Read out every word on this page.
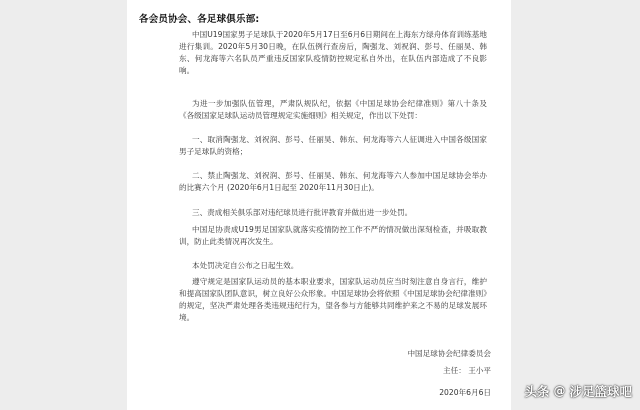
各会员协会、各足球俱乐部:

中国U19国家男子足球队于2020年5月17日至6月6日期间在上海东方绿舟体育训练基地进行集训。2020年5月30日晚，在队伍例行查房后，陶强龙、刘祝润、彭号、任丽昊、韩东、何龙海等六名队员严重违反国家队疫情防控规定私自外出，在队伍内部造成了不良影响。

为进一步加强队伍管理，严肃队规队纪，依据《中国足球协会纪律准则》第八十条及《各级国家足球队运动员管理规定实施细则》相关规定，作出以下处罚：

一、取消陶强龙、刘祝润、彭号、任丽昊、韩东、何龙海等六人征调进入中国各级国家男子足球队的资格；

二、禁止陶强龙、刘祝润、彭号、任丽昊、韩东、何龙海等六人参加中国足球协会举办的比赛六个月 (2020年6月1日起至 2020年11月30日止)。

三、责成相关俱乐部对违纪球员进行批评教育并做出进一步处罚。

中国足协责成U19男足国家队就落实疫情防控工作不严的情况做出深刻检查，并吸取教训，防止此类情况再次发生。

本处罚决定自公布之日起生效。

遵守规定是国家队运动员的基本职业要求，国家队运动员应当时刻注意自身言行，维护和提高国家队团队意识，树立良好公众形象。中国足球协会将依照《中国足球协会纪律准则》的规定，坚决严肃处理各类违规违纪行为，望各参与方能够共同维护来之不易的足球发展环境。

中国足球协会纪律委员会
主任： 王小平
2020年6月6日	头条 @ 涉足篮球吧
